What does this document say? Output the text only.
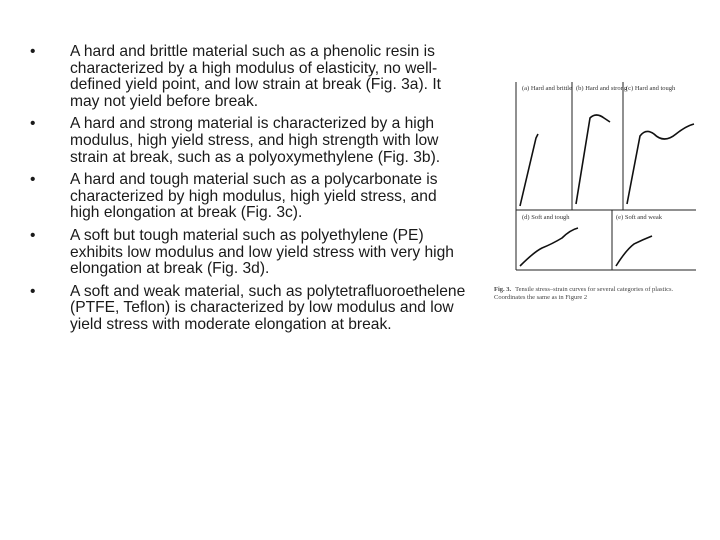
• A hard and brittle material such as a phenolic resin is characterized by a high modulus of elasticity, no well-defined yield point, and low strain at break (Fig. 3a). It may not yield before break.
• A hard and strong material is characterized by a high modulus, high yield stress, and high strength with low strain at break, such as a polyoxymethylene (Fig. 3b).
• A hard and tough material such as a polycarbonate is characterized by high modulus, high yield stress, and high elongation at break (Fig. 3c).
• A soft but tough material such as polyethylene (PE) exhibits low modulus and low yield stress with very high elongation at break (Fig. 3d).
• A soft and weak material, such as polytetrafluoroethelene (PTFE, Teflon) is characterized by low modulus and low yield stress with moderate elongation at break.
(a) Hard and brittle (b) Hard and strong
(c) Hard and tough
(d) Soft and tough	(e) Soft and weak
Fig. 3. Tensile stress–strain curves for several categories of plastics. Coordinates the same as in Figure 2
